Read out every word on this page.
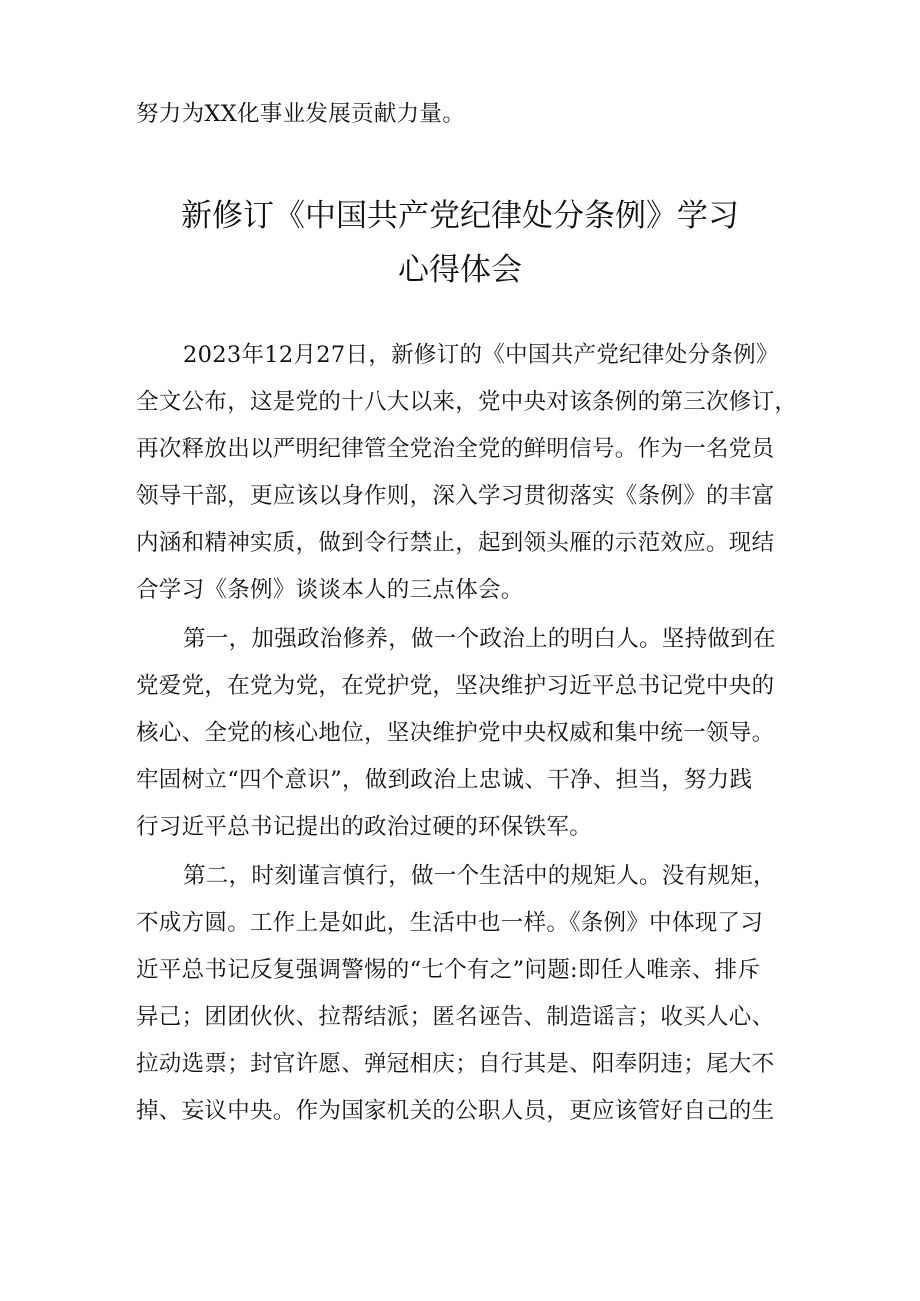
努力为XX化事业发展贡献力量。
新修订《中国共产党纪律处分条例》学习
心得体会
2023年12月27日，新修订的《中国共产党纪律处分条例》
全文公布，这是党的十八大以来，党中央对该条例的第三次修订，
再次释放出以严明纪律管全党治全党的鲜明信号。作为一名党员
领导干部，更应该以身作则，深入学习贯彻落实《条例》的丰富
内涵和精神实质，做到令行禁止，起到领头雁的示范效应。现结
合学习《条例》谈谈本人的三点体会。
第一，加强政治修养，做一个政治上的明白人。坚持做到在
党爱党，在党为党，在党护党，坚决维护习近平总书记党中央的
核心、全党的核心地位，坚决维护党中央权威和集中统一领导。
牢固树立“四个意识”，做到政治上忠诚、干净、担当，努力践
行习近平总书记提出的政治过硬的环保铁军。
第二，时刻谨言慎行，做一个生活中的规矩人。没有规矩，
不成方圆。工作上是如此，生活中也一样。《条例》中体现了习
近平总书记反复强调警惕的“七个有之”问题:即任人唯亲、排斥
异己；团团伙伙、拉帮结派；匿名诬告、制造谣言；收买人心、
拉动选票；封官许愿、弹冠相庆；自行其是、阳奉阴违；尾大不
掉、妄议中央。作为国家机关的公职人员，更应该管好自己的生
